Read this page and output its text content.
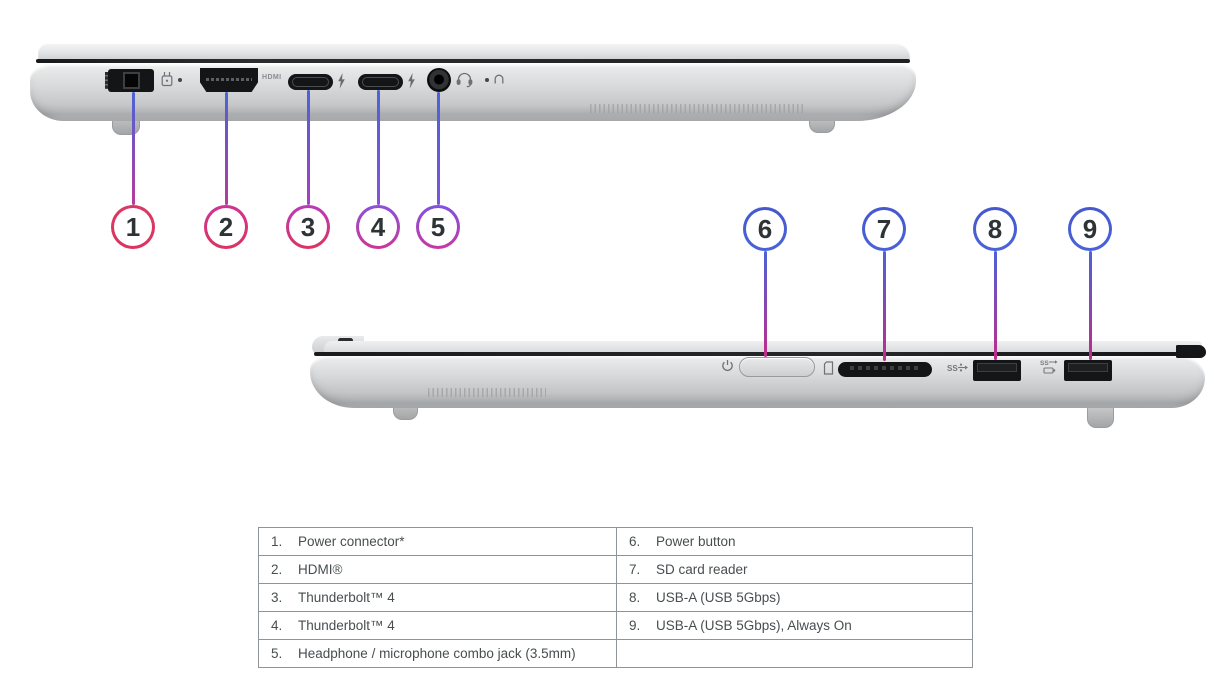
HDMI
SS
SS
1	2	3	4	5	6	7	8	9
1. Power connector*	6. Power button
2. HDMI®	7. SD card reader
3. Thunderbolt™ 4	8. USB-A (USB 5Gbps)
4. Thunderbolt™ 4	9. USB-A (USB 5Gbps), Always On
5. Headphone / microphone combo jack (3.5mm)	
